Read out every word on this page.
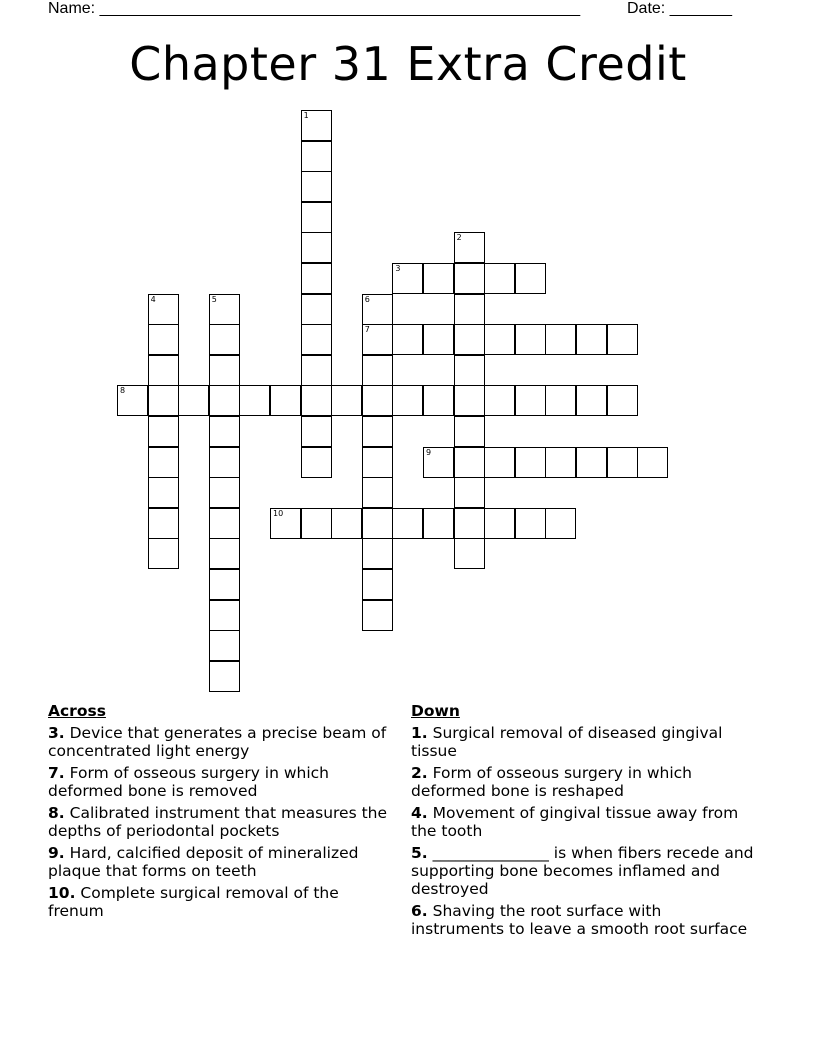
Name: ______________________________________________________	Date: _______
Chapter 31 Extra Credit
1
2
3
4	5	6
7
8
9
10
Across
3. Device that generates a precise beam of concentrated light energy
7. Form of osseous surgery in which deformed bone is removed
8. Calibrated instrument that measures the depths of periodontal pockets
9. Hard, calcified deposit of mineralized plaque that forms on teeth
10. Complete surgical removal of the frenum
Down
1. Surgical removal of diseased gingival tissue
2. Form of osseous surgery in which deformed bone is reshaped
4. Movement of gingival tissue away from the tooth
5. _______________ is when fibers recede and supporting bone becomes inflamed and destroyed
6. Shaving the root surface with instruments to leave a smooth root surface
